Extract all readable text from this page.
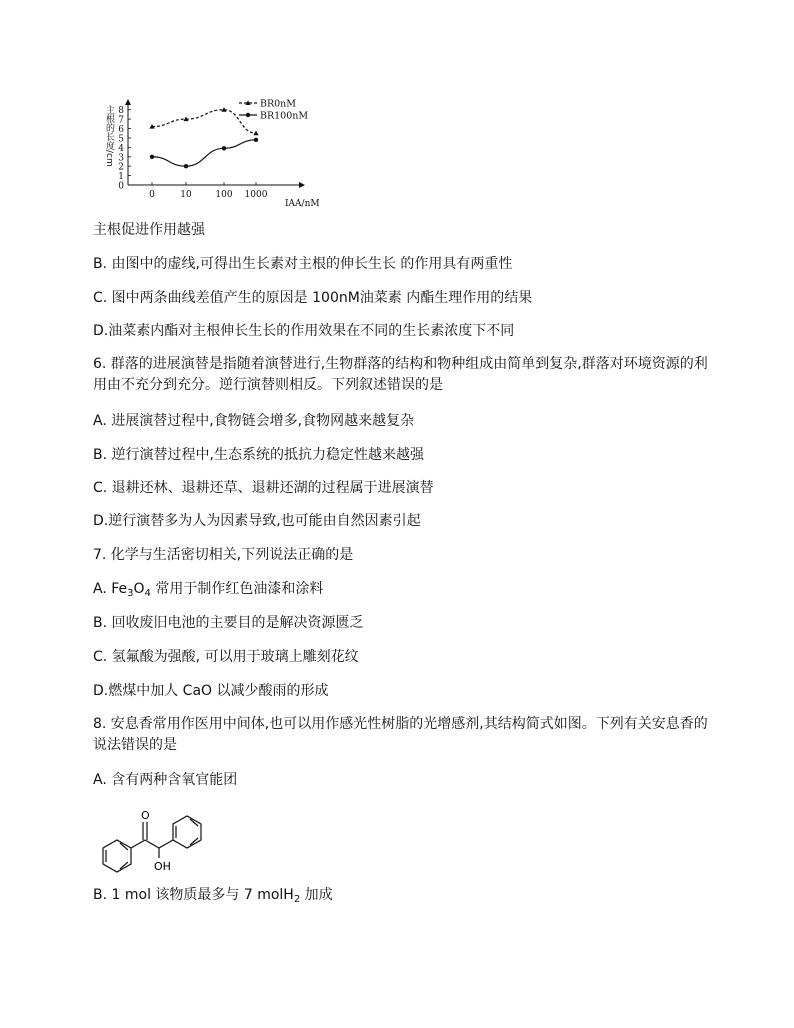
0
1
2
3
4
5
6
7
8
0	10	100 1000
IAA/nM
主根的长度/cm
BR0nM
BR100nM
主根促进作用越强
B. 由图中的虚线,可得出生长素对主根的伸长生长 的作用具有两重性
C. 图中两条曲线差值产生的原因是 100nM油菜素 内酯生理作用的结果
D.油菜素内酯对主根伸长生长的作用效果在不同的生长素浓度下不同
6. 群落的进展演替是指随着演替进行,生物群落的结构和物种组成由简单到复杂,群落对环境资源的利用由不充分到充分。逆行演替则相反。下列叙述错误的是
A. 进展演替过程中,食物链会增多,食物网越来越复杂
B. 逆行演替过程中,生态系统的抵抗力稳定性越来越强
C. 退耕还林、退耕还草、退耕还湖的过程属于进展演替
D.逆行演替多为人为因素导致,也可能由自然因素引起
7. 化学与生活密切相关,下列说法正确的是
A. $Fe_3O_4$ 常用于制作红色油漆和涂料
B. 回收废旧电池的主要目的是解决资源匮乏
C. 氢氟酸为强酸, 可以用于玻璃上雕刻花纹
D.燃煤中加人 CaO 以减少酸雨的形成
8. 安息香常用作医用中间体,也可以用作感光性树脂的光增感剂,其结构简式如图。下列有关安息香的说法错误的是
A. 含有两种含氧官能团
O
OH
B. 1 mol 该物质最多与 7 molH$_2$ 加成
